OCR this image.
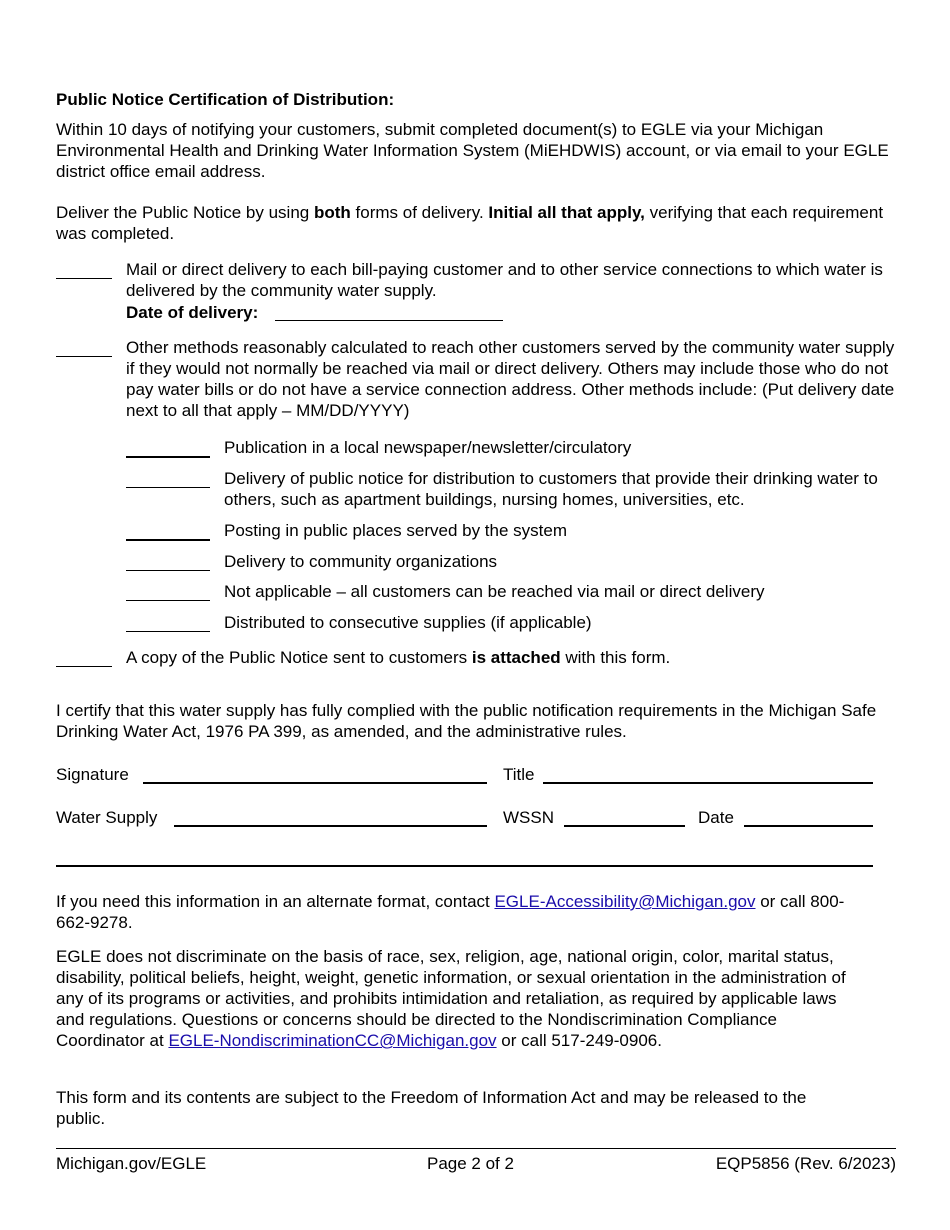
Public Notice Certification of Distribution:
Within 10 days of notifying your customers, submit completed document(s) to EGLE via your Michigan Environmental Health and Drinking Water Information System (MiEHDWIS) account, or via email to your EGLE district office email address.
Deliver the Public Notice by using both forms of delivery. Initial all that apply, verifying that each requirement was completed.
Mail or direct delivery to each bill-paying customer and to other service connections to which water is delivered by the community water supply.
Date of delivery:
Other methods reasonably calculated to reach other customers served by the community water supply if they would not normally be reached via mail or direct delivery. Others may include those who do not pay water bills or do not have a service connection address. Other methods include: (Put delivery date next to all that apply – MM/DD/YYYY)
Publication in a local newspaper/newsletter/circulatory
Delivery of public notice for distribution to customers that provide their drinking water to others, such as apartment buildings, nursing homes, universities, etc.
Posting in public places served by the system
Delivery to community organizations
Not applicable – all customers can be reached via mail or direct delivery
Distributed to consecutive supplies (if applicable)
A copy of the Public Notice sent to customers is attached with this form.
I certify that this water supply has fully complied with the public notification requirements in the Michigan Safe Drinking Water Act, 1976 PA 399, as amended, and the administrative rules.
Signature	Title
Water Supply	WSSN	Date
If you need this information in an alternate format, contact EGLE-Accessibility@Michigan.gov or call 800-662-9278.
EGLE does not discriminate on the basis of race, sex, religion, age, national origin, color, marital status, disability, political beliefs, height, weight, genetic information, or sexual orientation in the administration of any of its programs or activities, and prohibits intimidation and retaliation, as required by applicable laws and regulations. Questions or concerns should be directed to the Nondiscrimination Compliance Coordinator at EGLE-NondiscriminationCC@Michigan.gov or call 517-249-0906.
This form and its contents are subject to the Freedom of Information Act and may be released to the public.
Michigan.gov/EGLE	Page 2 of 2	EQP5856 (Rev. 6/2023)
